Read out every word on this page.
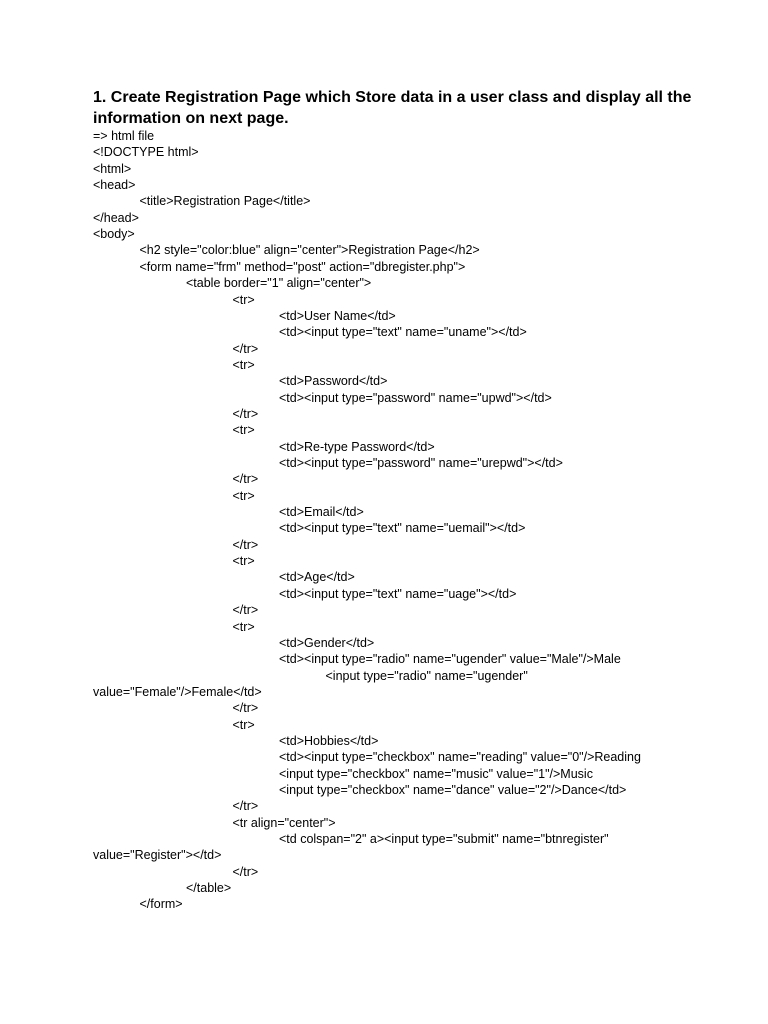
1. Create Registration Page which Store data in a user class and display all the information on next page.
=> html file
<!DOCTYPE html>
<html>
<head>
<title>Registration Page</title>
</head>
<body>
<h2 style="color:blue" align="center">Registration Page</h2>
<form name="frm" method="post" action="dbregister.php">
<table border="1" align="center">
<tr>
<td>User Name</td>
<td><input type="text" name="uname"></td>
</tr>
<tr>
<td>Password</td>
<td><input type="password" name="upwd"></td>
</tr>
<tr>
<td>Re-type Password</td>
<td><input type="password" name="urepwd"></td>
</tr>
<tr>
<td>Email</td>
<td><input type="text" name="uemail"></td>
</tr>
<tr>
<td>Age</td>
<td><input type="text" name="uage"></td>
</tr>
<tr>
<td>Gender</td>
<td><input type="radio" name="ugender" value="Male"/>Male
<input type="radio" name="ugender"
value="Female"/>Female</td>
</tr>
<tr>
<td>Hobbies</td>
<td><input type="checkbox" name="reading" value="0"/>Reading
<input type="checkbox" name="music" value="1"/>Music
<input type="checkbox" name="dance" value="2"/>Dance</td>
</tr>
<tr align="center">
<td colspan="2" a><input type="submit" name="btnregister"
value="Register"></td>
</tr>
</table>
</form>
